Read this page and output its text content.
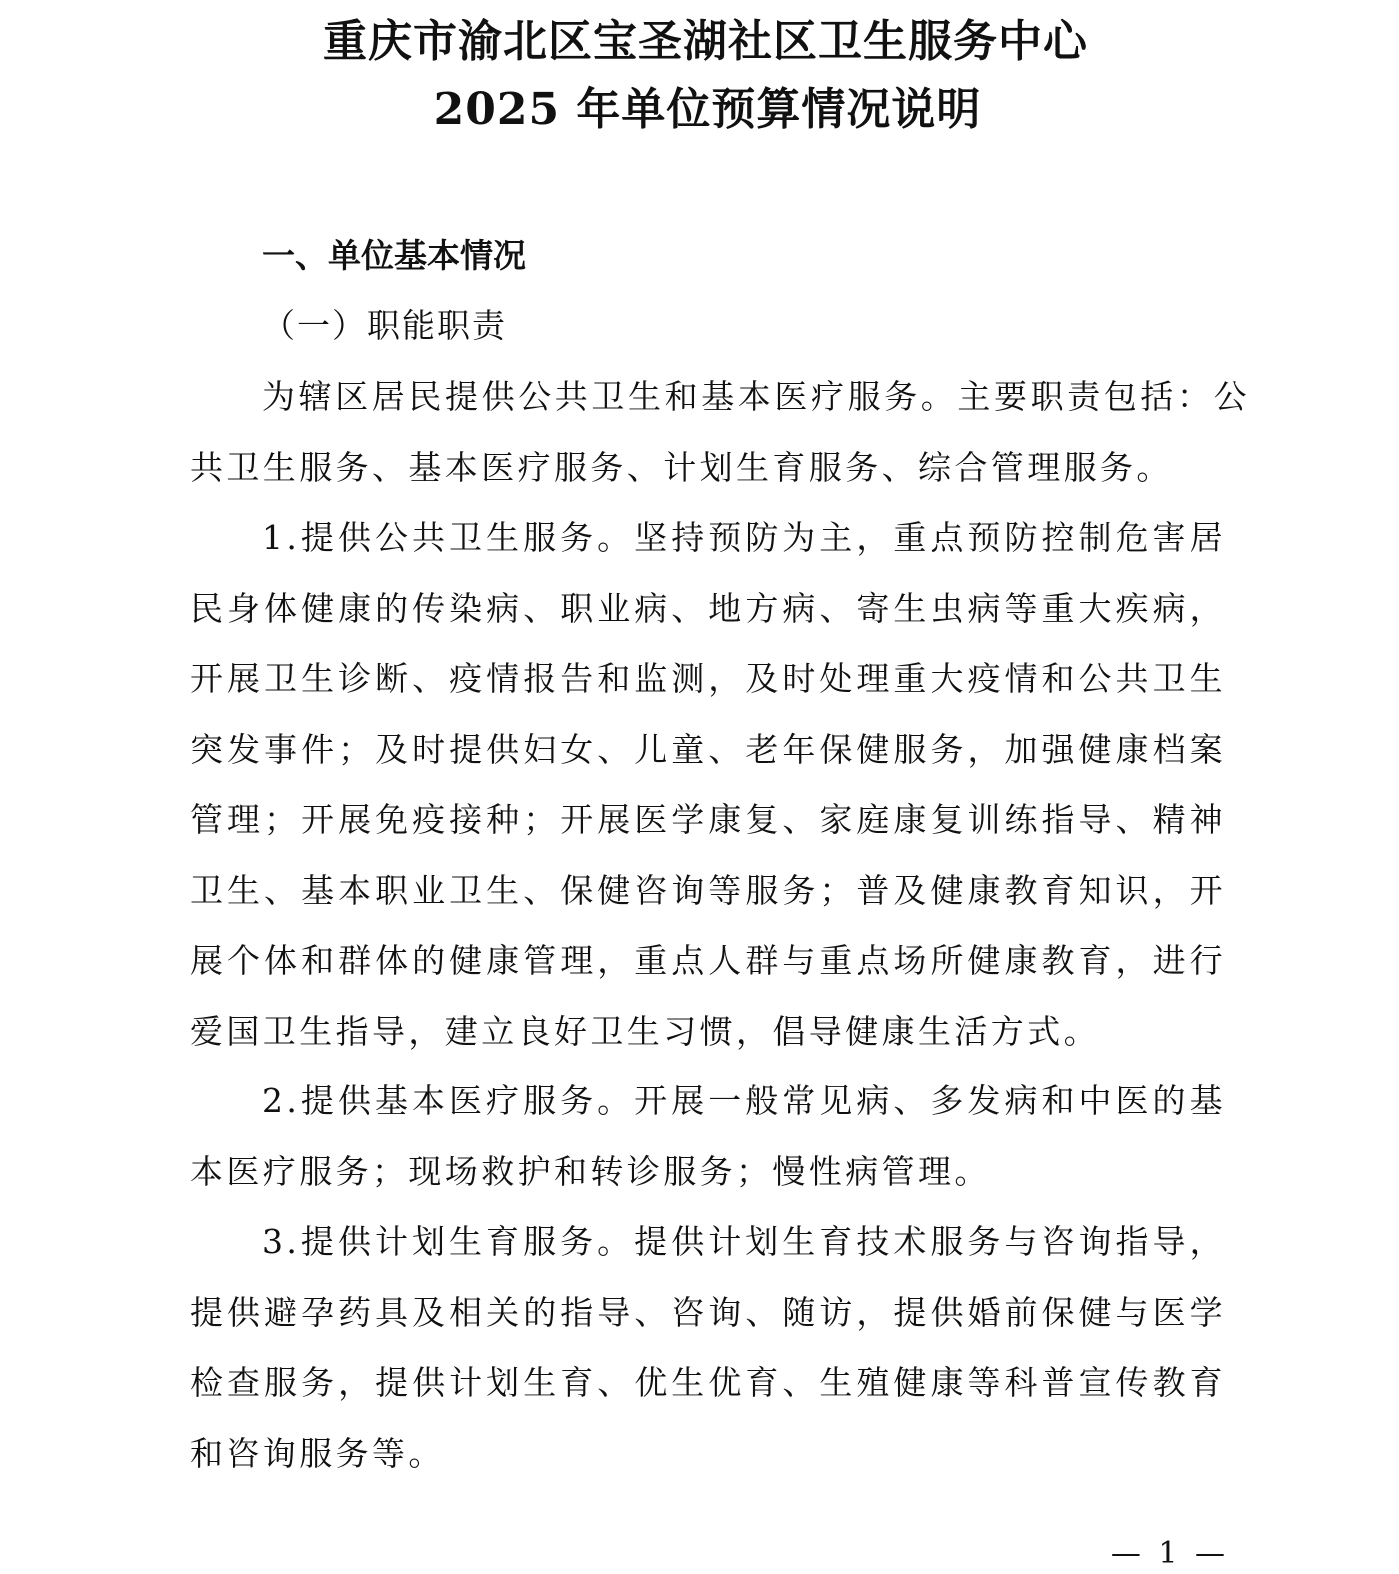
重庆市渝北区宝圣湖社区卫生服务中心
2025 年单位预算情况说明
一、单位基本情况
（一）职能职责

为辖区居民提供公共卫生和基本医疗服务。主要职责包括：公共卫生服务、基本医疗服务、计划生育服务、综合管理服务。

1.提供公共卫生服务。坚持预防为主，重点预防控制危害居民身体健康的传染病、职业病、地方病、寄生虫病等重大疾病，开展卫生诊断、疫情报告和监测，及时处理重大疫情和公共卫生突发事件；及时提供妇女、儿童、老年保健服务，加强健康档案管理；开展免疫接种；开展医学康复、家庭康复训练指导、精神卫生、基本职业卫生、保健咨询等服务；普及健康教育知识，开展个体和群体的健康管理，重点人群与重点场所健康教育，进行爱国卫生指导，建立良好卫生习惯，倡导健康生活方式。

2.提供基本医疗服务。开展一般常见病、多发病和中医的基本医疗服务；现场救护和转诊服务；慢性病管理。

3.提供计划生育服务。提供计划生育技术服务与咨询指导，提供避孕药具及相关的指导、咨询、随访，提供婚前保健与医学检查服务，提供计划生育、优生优育、生殖健康等科普宣传教育和咨询服务等。

— 1 —
